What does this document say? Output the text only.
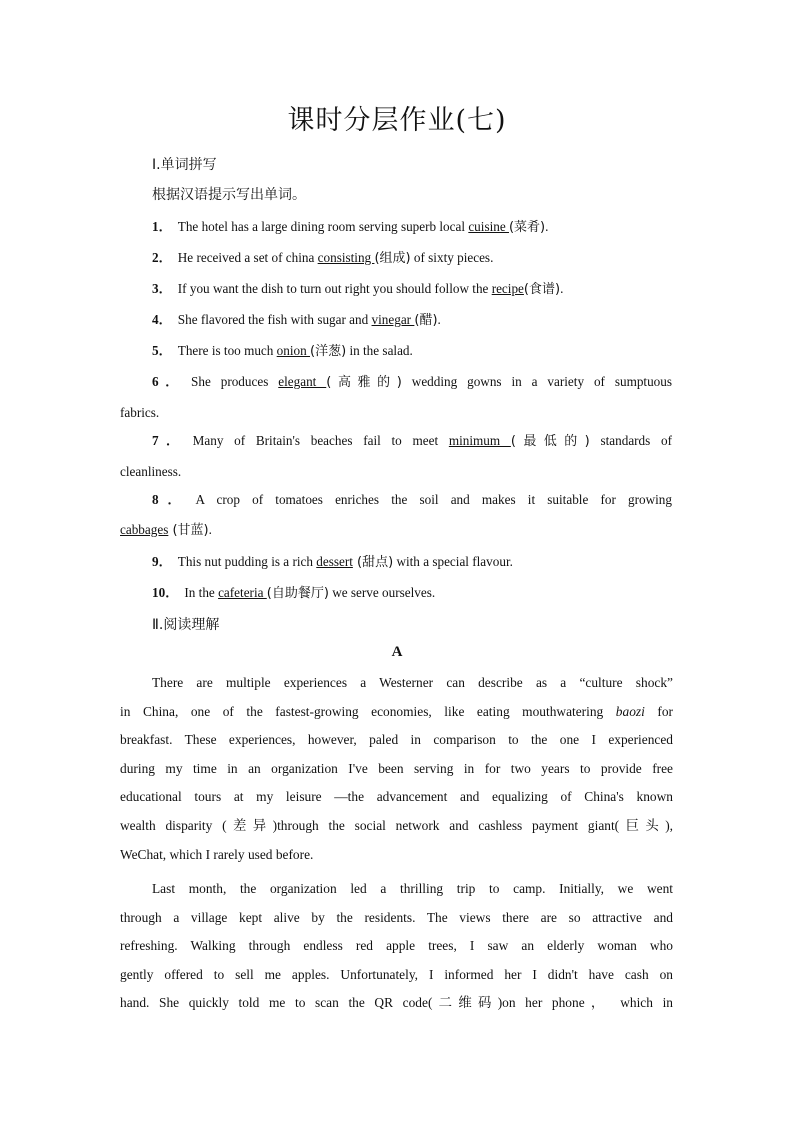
课时分层作业(七)
Ⅰ.单词拼写
根据汉语提示写出单词。
1． The hotel has a large dining room serving superb local cuisine (菜肴).
2． He received a set of china consisting (组成) of sixty pieces.
3． If you want the dish to turn out right you should follow the recipe(食谱).
4． She flavored the fish with sugar and vinegar (醋).
5． There is too much onion (洋葱) in the salad.
6． She produces elegant (高雅的) wedding gowns in a variety of sumptuous
fabrics.
7． Many of Britain's beaches fail to meet minimum (最低的) standards of
cleanliness.
8． A crop of tomatoes enriches the soil and makes it suitable for growing
cabbages (甘蓝).
9． This nut pudding is a rich dessert (甜点) with a special flavour.
10． In the cafeteria (自助餐厅) we serve ourselves.
Ⅱ.阅读理解
A
There are multiple experiences a Westerner can describe as a “culture shock”
in China, one of the fastest-growing economies, like eating mouthwatering baozi for
breakfast. These experiences, however, paled in comparison to the one I experienced
during my time in an organization I've been serving in for two years to provide free
educational tours at my leisure —the advancement and equalizing of China's known
wealth disparity (差异)through the social network and cashless payment giant(巨头),
WeChat, which I rarely used before.
Last month, the organization led a thrilling trip to camp. Initially, we went
through a village kept alive by the residents. The views there are so attractive and
refreshing. Walking through endless red apple trees, I saw an elderly woman who
gently offered to sell me apples. Unfortunately, I informed her I didn't have cash on
hand. She quickly told me to scan the QR code(二维码)on her phone， which in
